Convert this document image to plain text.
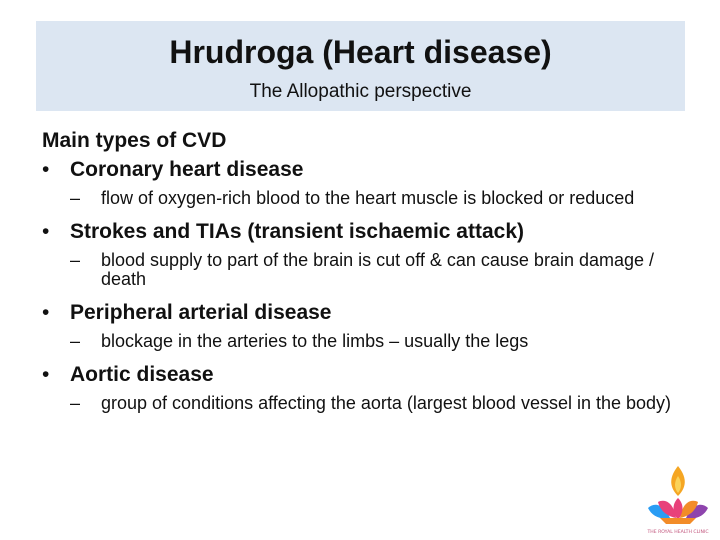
Hrudroga (Heart disease)
The Allopathic perspective
Main types of CVD
• Coronary heart disease
– flow of oxygen-rich blood to the heart muscle is blocked or reduced
• Strokes and TIAs (transient ischaemic attack)
– blood supply to part of the brain is cut off & can cause brain damage / death
• Peripheral arterial disease
– blockage in the arteries to the limbs – usually the legs
• Aortic disease
– group of conditions affecting the aorta (largest blood vessel in the body)
THE ROYAL HEALTH CLINIC
